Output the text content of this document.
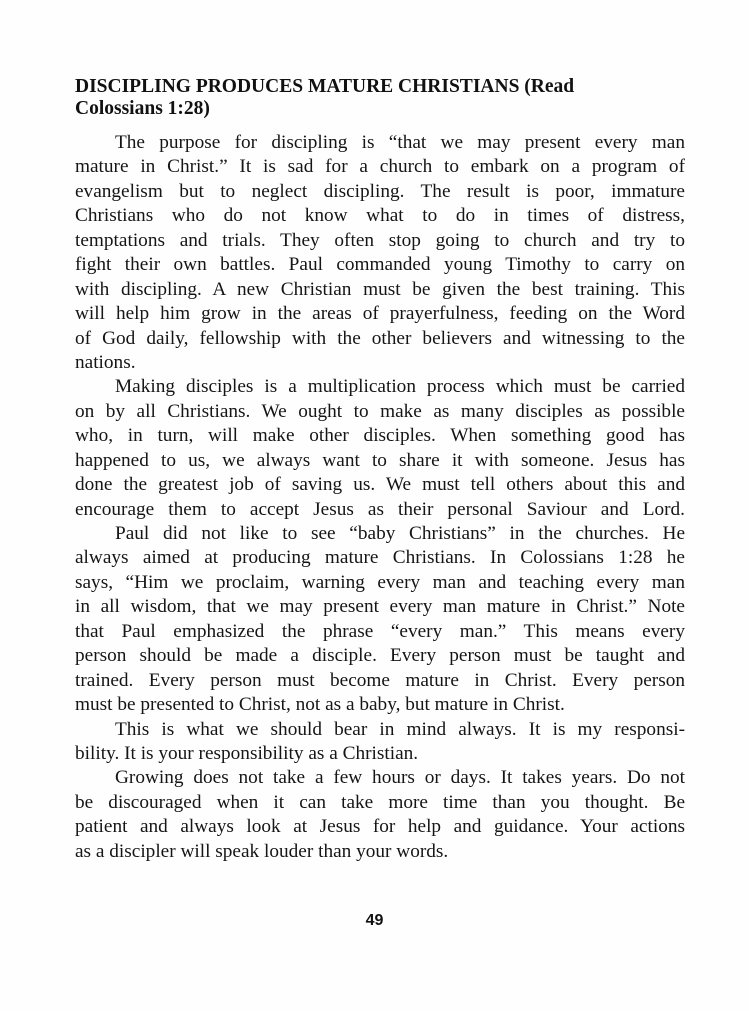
DISCIPLING PRODUCES MATURE CHRISTIANS (Read
Colossians 1:28)
The purpose for discipling is “that we may present every man
mature in Christ.” It is sad for a church to embark on a program of
evangelism but to neglect discipling. The result is poor, immature
Christians who do not know what to do in times of distress,
temptations and trials. They often stop going to church and try to
fight their own battles. Paul commanded young Timothy to carry on
with discipling. A new Christian must be given the best training. This
will help him grow in the areas of prayerfulness, feeding on the Word
of God daily, fellowship with the other believers and witnessing to the
nations.
Making disciples is a multiplication process which must be carried
on by all Christians. We ought to make as many disciples as possible
who, in turn, will make other disciples. When something good has
happened to us, we always want to share it with someone. Jesus has
done the greatest job of saving us. We must tell others about this and
encourage them to accept Jesus as their personal Saviour and Lord.
Paul did not like to see “baby Christians” in the churches. He
always aimed at producing mature Christians. In Colossians 1:28 he
says, “Him we proclaim, warning every man and teaching every man
in all wisdom, that we may present every man mature in Christ.” Note
that Paul emphasized the phrase “every man.” This means every
person should be made a disciple. Every person must be taught and
trained. Every person must become mature in Christ. Every person
must be presented to Christ, not as a baby, but mature in Christ.
This is what we should bear in mind always. It is my responsi-
bility. It is your responsibility as a Christian.
Growing does not take a few hours or days. It takes years. Do not
be discouraged when it can take more time than you thought. Be
patient and always look at Jesus for help and guidance. Your actions
as a discipler will speak louder than your words.
49
